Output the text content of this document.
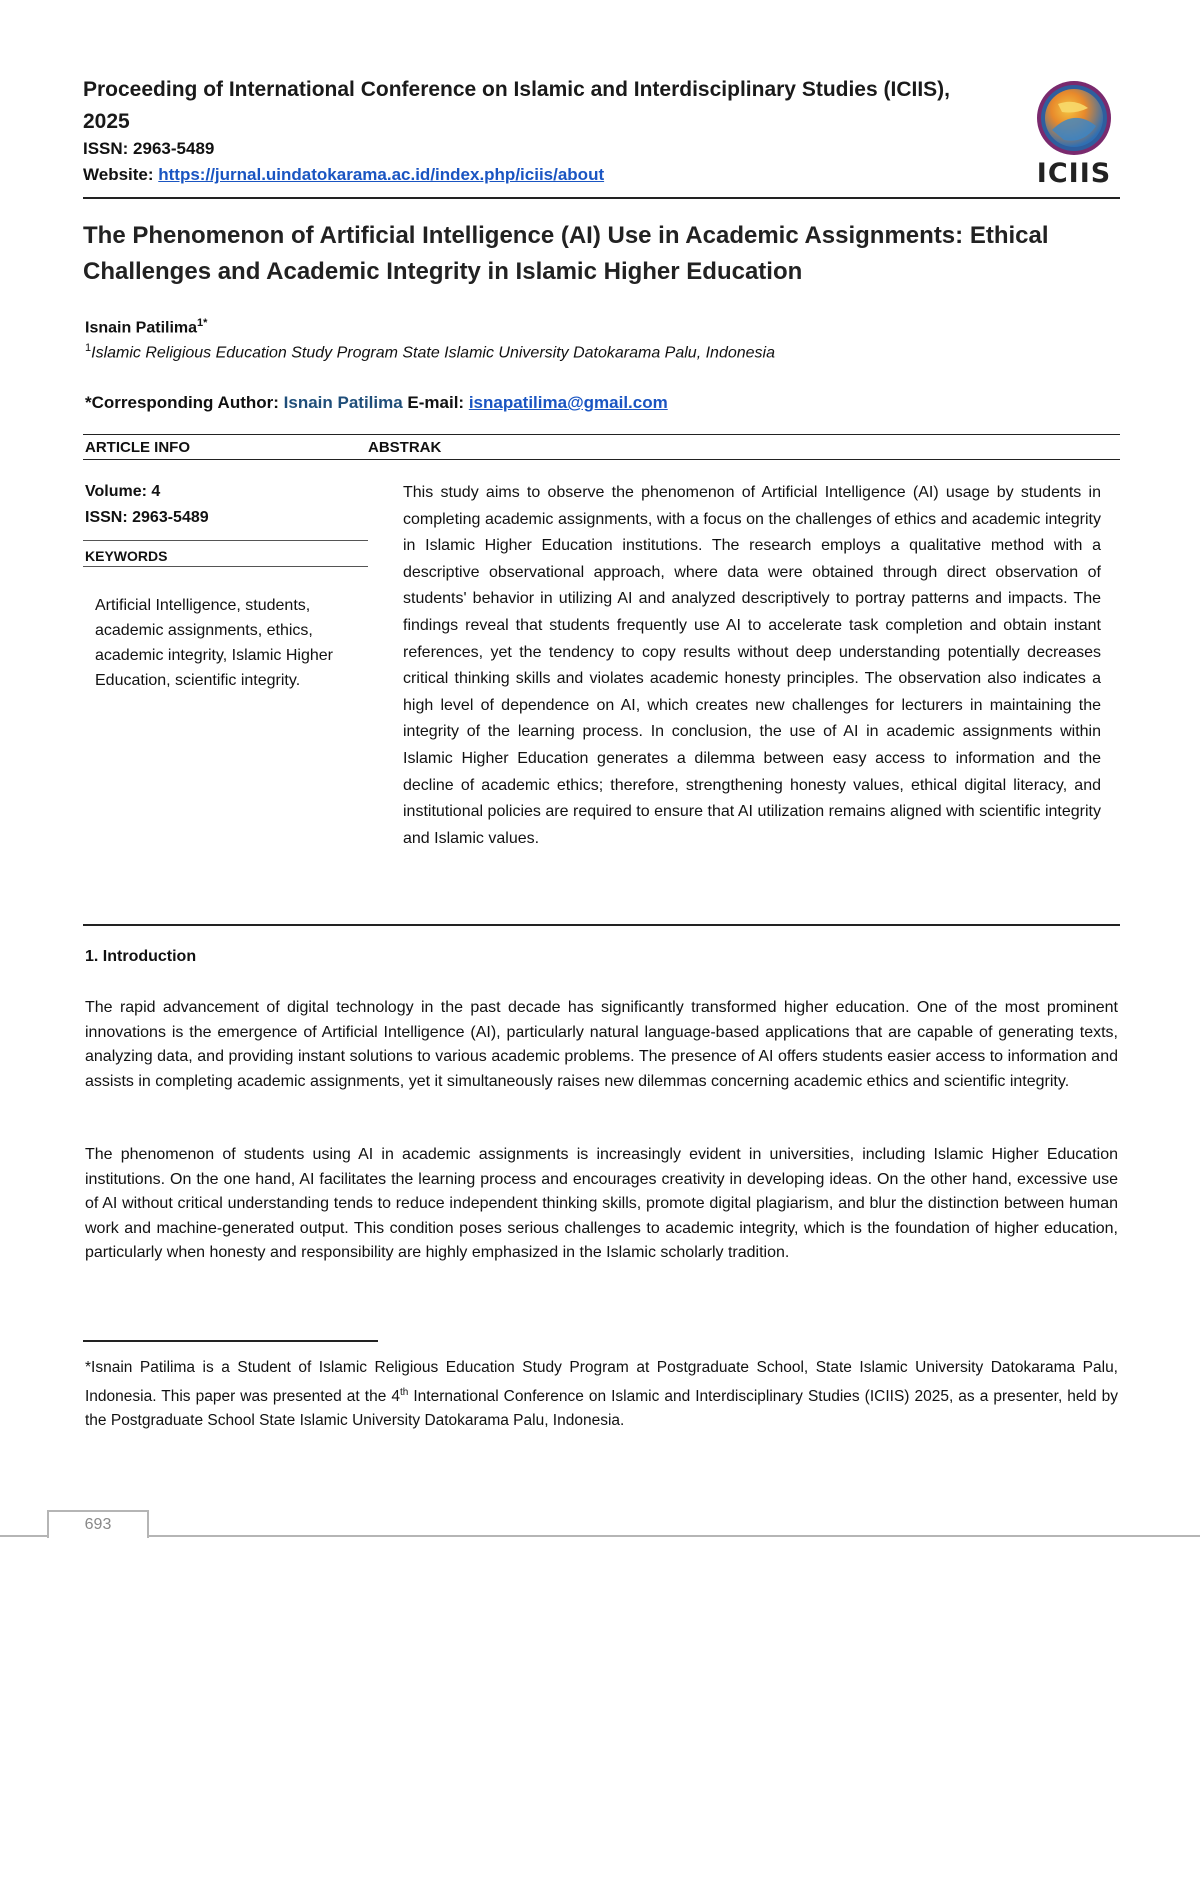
Proceeding of International Conference on Islamic and Interdisciplinary Studies (ICIIS), 2025
ISSN: 2963-5489
Website: https://jurnal.uindatokarama.ac.id/index.php/iciis/about	ICIIS
The Phenomenon of Artificial Intelligence (AI) Use in Academic Assignments: Ethical Challenges and Academic Integrity in Islamic Higher Education
Isnain Patilima$^{1*}$
$^1$Islamic Religious Education Study Program State Islamic University Datokarama Palu, Indonesia
*Corresponding Author: Isnain Patilima E-mail: isnapatilima@gmail.com
ARTICLE INFO	ABSTRAK
Volume: 4
ISSN: 2963-5489
KEYWORDS
Artificial Intelligence, students, academic assignments, ethics, academic integrity, Islamic Higher Education, scientific integrity.
This study aims to observe the phenomenon of Artificial Intelligence (AI) usage by students in completing academic assignments, with a focus on the challenges of ethics and academic integrity in Islamic Higher Education institutions. The research employs a qualitative method with a descriptive observational approach, where data were obtained through direct observation of students' behavior in utilizing AI and analyzed descriptively to portray patterns and impacts. The findings reveal that students frequently use AI to accelerate task completion and obtain instant references, yet the tendency to copy results without deep understanding potentially decreases critical thinking skills and violates academic honesty principles. The observation also indicates a high level of dependence on AI, which creates new challenges for lecturers in maintaining the integrity of the learning process. In conclusion, the use of AI in academic assignments within Islamic Higher Education generates a dilemma between easy access to information and the decline of academic ethics; therefore, strengthening honesty values, ethical digital literacy, and institutional policies are required to ensure that AI utilization remains aligned with scientific integrity and Islamic values.
1. Introduction
The rapid advancement of digital technology in the past decade has significantly transformed higher education. One of the most prominent innovations is the emergence of Artificial Intelligence (AI), particularly natural language-based applications that are capable of generating texts, analyzing data, and providing instant solutions to various academic problems. The presence of AI offers students easier access to information and assists in completing academic assignments, yet it simultaneously raises new dilemmas concerning academic ethics and scientific integrity.
The phenomenon of students using AI in academic assignments is increasingly evident in universities, including Islamic Higher Education institutions. On the one hand, AI facilitates the learning process and encourages creativity in developing ideas. On the other hand, excessive use of AI without critical understanding tends to reduce independent thinking skills, promote digital plagiarism, and blur the distinction between human work and machine-generated output. This condition poses serious challenges to academic integrity, which is the foundation of higher education, particularly when honesty and responsibility are highly emphasized in the Islamic scholarly tradition.
*Isnain Patilima is a Student of Islamic Religious Education Study Program at Postgraduate School, State Islamic University Datokarama Palu, Indonesia. This paper was presented at the 4th International Conference on Islamic and Interdisciplinary Studies (ICIIS) 2025, as a presenter, held by the Postgraduate School State Islamic University Datokarama Palu, Indonesia.
693
